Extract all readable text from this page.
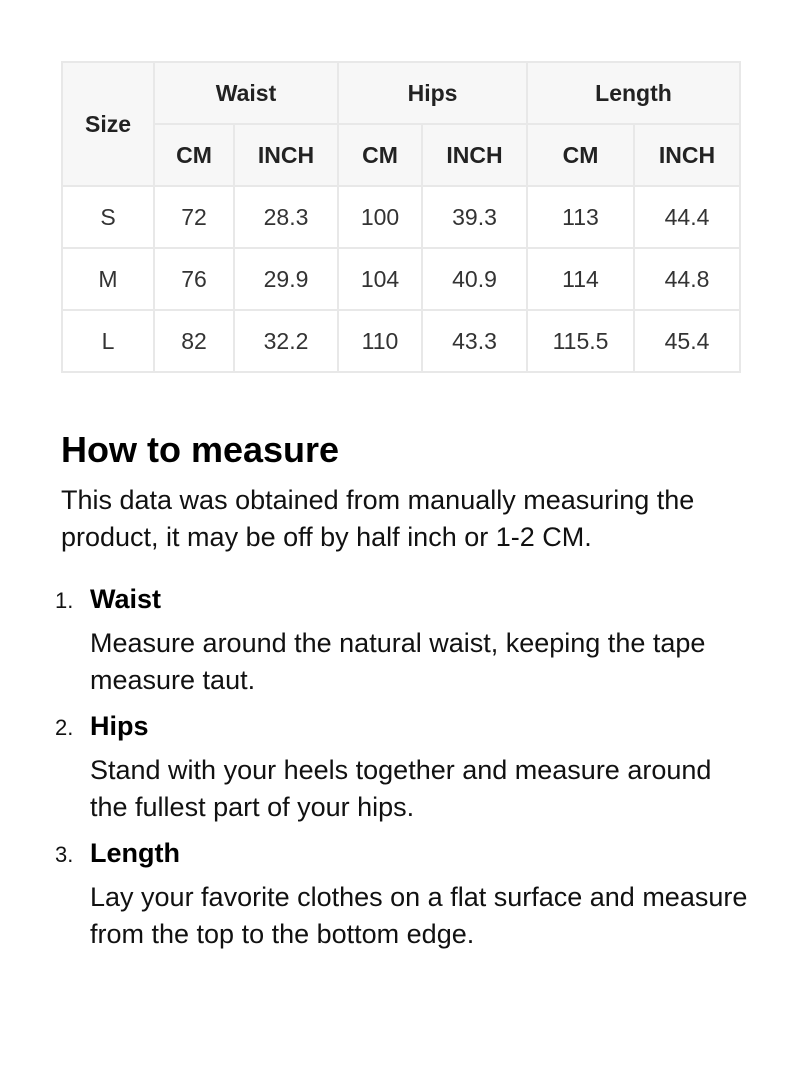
Size	Waist		Hips		Length	
	CM	INCH	CM	INCH	CM	INCH
S	72	28.3	100	39.3	113	44.4
M	76	29.9	104	40.9	114	44.8
L	82	32.2	110	43.3	115.5	45.4
How to measure

This data was obtained from manually measuring the product, it may be off by half inch or 1-2 CM.

1. Waist
Measure around the natural waist, keeping the tape measure taut.
2. Hips
Stand with your heels together and measure around the fullest part of your hips.
3. Length
Lay your favorite clothes on a flat surface and measure from the top to the bottom edge.
